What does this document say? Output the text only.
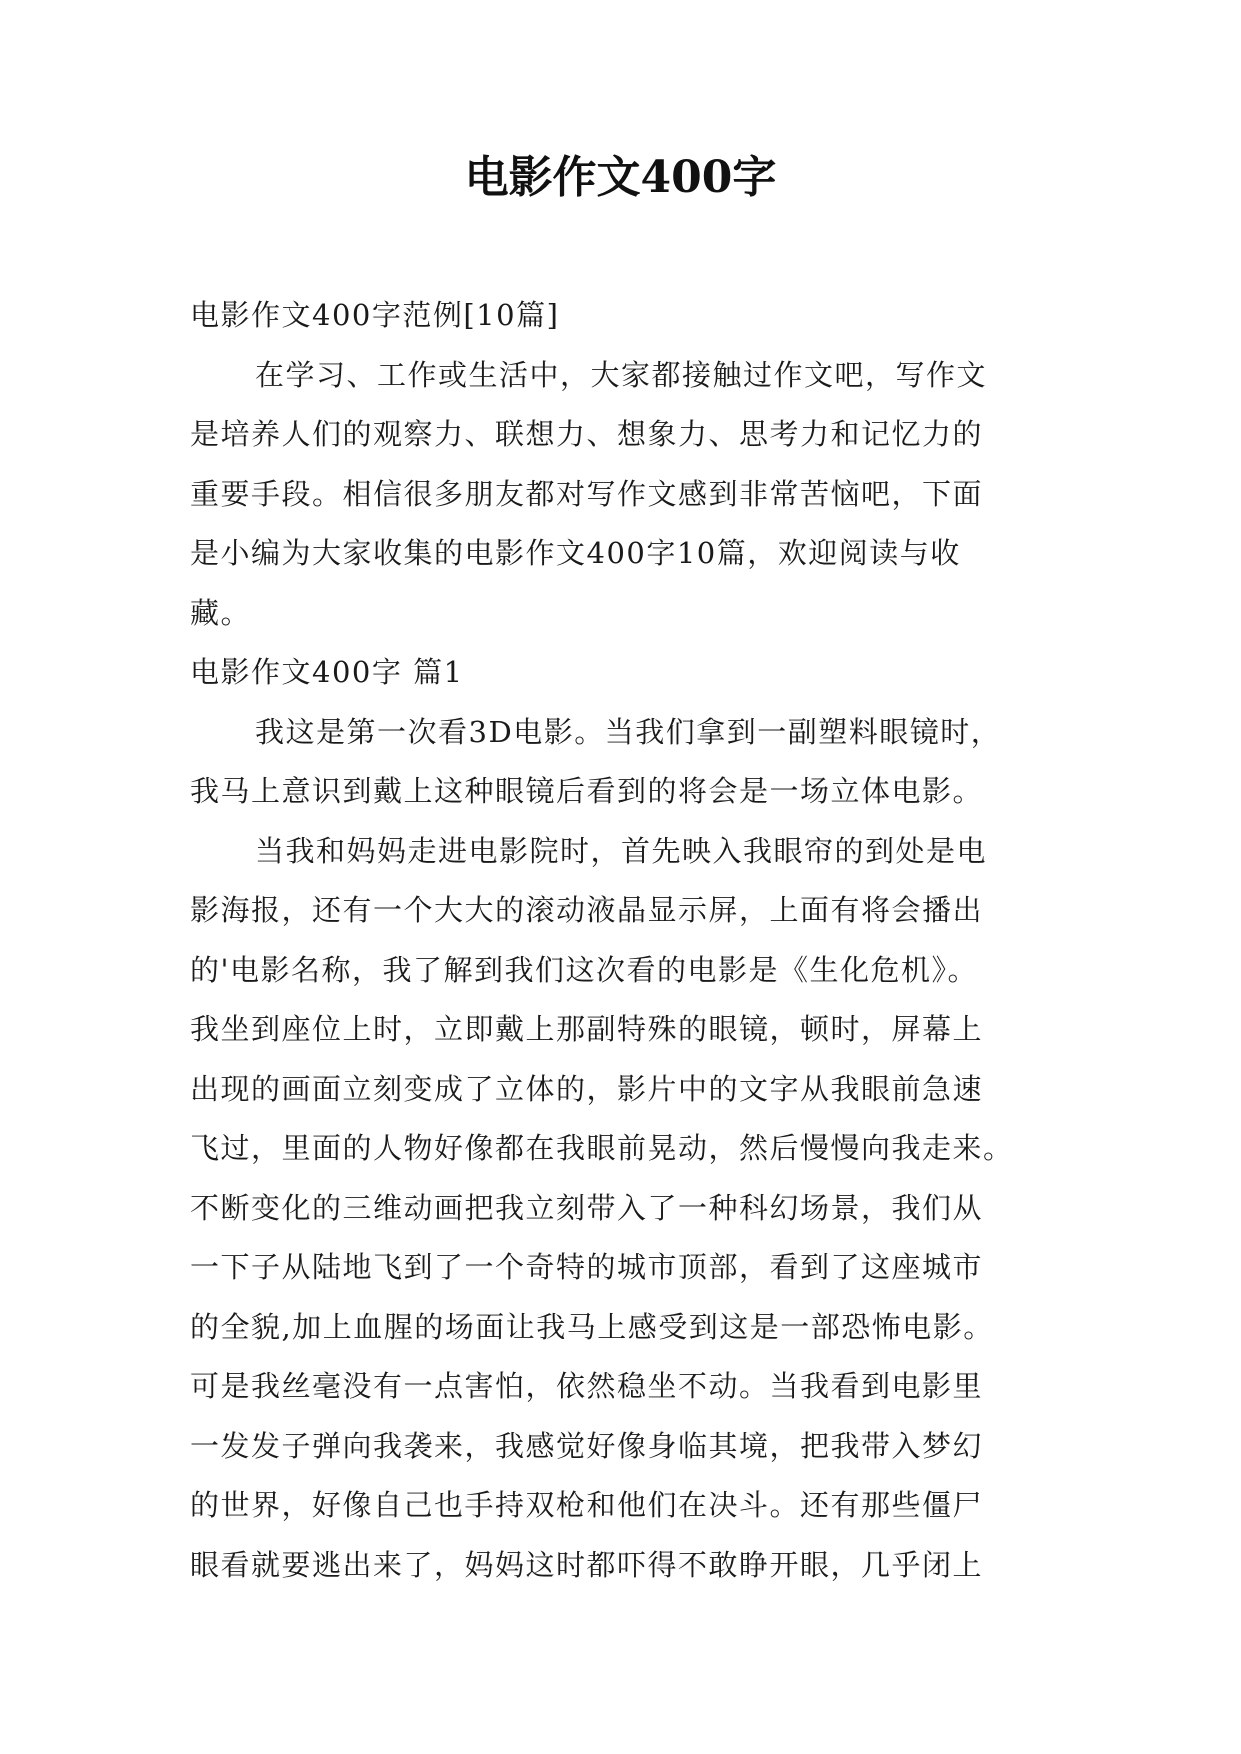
电影作文400字
电影作文400字范例[10篇]
在学习、工作或生活中，大家都接触过作文吧，写作文
是培养人们的观察力、联想力、想象力、思考力和记忆力的
重要手段。相信很多朋友都对写作文感到非常苦恼吧，下面
是小编为大家收集的电影作文400字10篇，欢迎阅读与收
藏。
电影作文400字 篇1
我这是第一次看3D电影。当我们拿到一副塑料眼镜时，
我马上意识到戴上这种眼镜后看到的将会是一场立体电影。
当我和妈妈走进电影院时，首先映入我眼帘的到处是电
影海报，还有一个大大的滚动液晶显示屏，上面有将会播出
的'电影名称，我了解到我们这次看的电影是《生化危机》。
我坐到座位上时，立即戴上那副特殊的眼镜，顿时，屏幕上
出现的画面立刻变成了立体的，影片中的文字从我眼前急速
飞过，里面的人物好像都在我眼前晃动，然后慢慢向我走来。
不断变化的三维动画把我立刻带入了一种科幻场景，我们从
一下子从陆地飞到了一个奇特的城市顶部，看到了这座城市
的全貌,加上血腥的场面让我马上感受到这是一部恐怖电影。
可是我丝毫没有一点害怕，依然稳坐不动。当我看到电影里
一发发子弹向我袭来，我感觉好像身临其境，把我带入梦幻
的世界，好像自己也手持双枪和他们在决斗。还有那些僵尸
眼看就要逃出来了，妈妈这时都吓得不敢睁开眼，几乎闭上
